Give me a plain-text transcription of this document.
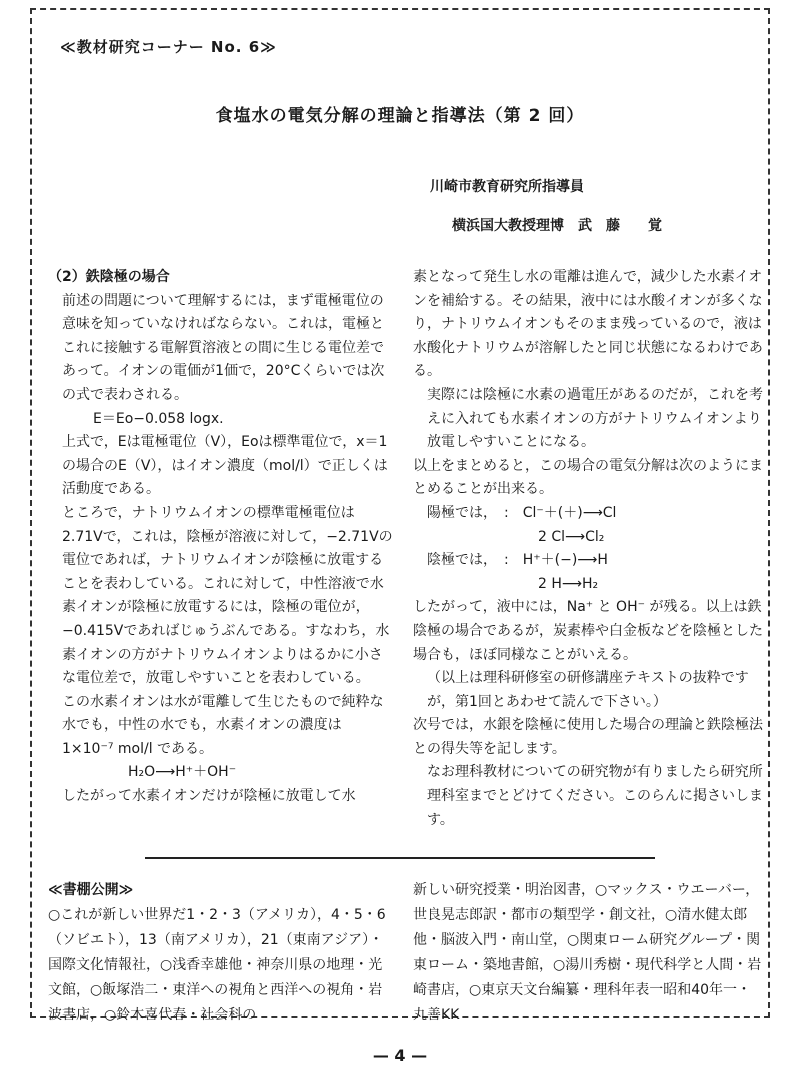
≪教材研究コーナー No. 6≫
食塩水の電気分解の理論と指導法（第 2 回）
川崎市教育研究所指導員
横浜国大教授理博　武　藤　　覚

（2）鉄陰極の場合

前述の問題について理解するには，まず電極電位の意味を知っていなければならない。これは，電極とこれに接触する電解質溶液との間に生じる電位差であって。イオンの電価が1価で，20°Cくらいでは次の式で表わされる。

E＝Eo−0.058 logx.

上式で，Eは電極電位（V），Eoは標準電位で，x＝1の場合のE（V），はイオン濃度（mol/l）で正しくは活動度である。

ところで，ナトリウムイオンの標準電極電位は2.71Vで，これは，陰極が溶液に対して，−2.71Vの電位であれば，ナトリウムイオンが陰極に放電することを表わしている。これに対して，中性溶液で水素イオンが陰極に放電するには，陰極の電位が，−0.415Vであればじゅうぶんである。すなわち，水素イオンの方がナトリウムイオンよりはるかに小さな電位差で，放電しやすいことを表わしている。

この水素イオンは水が電離して生じたもので純粋な水でも，中性の水でも，水素イオンの濃度は1×10⁻⁷ mol/l である。

H₂O⟶H⁺＋OH⁻

したがって水素イオンだけが陰極に放電して水

素となって発生し水の電離は進んで，減少した水素イオンを補給する。その結果，液中には水酸イオンが多くなり，ナトリウムイオンもそのまま残っているので，液は水酸化ナトリウムが溶解したと同じ状態になるわけである。

実際には陰極に水素の過電圧があるのだが，これを考えに入れても水素イオンの方がナトリウムイオンより放電しやすいことになる。

以上をまとめると，この場合の電気分解は次のようにまとめることが出来る。

陽極では，　:　Cl⁻＋(＋)⟶Cl

2 Cl⟶Cl₂

陰極では，　:　H⁺＋(−)⟶H

2 H⟶H₂

したがって，液中には，Na⁺ と OH⁻ が残る。以上は鉄陰極の場合であるが，炭素棒や白金板などを陰極とした場合も，ほぼ同様なことがいえる。

（以上は理科研修室の研修講座テキストの抜粋ですが，第1回とあわせて読んで下さい。）

次号では，水銀を陰極に使用した場合の理論と鉄陰極法との得失等を記します。

なお理科教材についての研究物が有りましたら研究所理科室までとどけてください。このらんに掲さいします。

≪書棚公開≫

○これが新しい世界だ1・2・3（アメリカ），4・5・6（ソビエト），13（南アメリカ），21（東南アジア）・国際文化情報社，○浅香幸雄他・神奈川県の地理・光文館，○飯塚浩二・東洋への視角と西洋への視角・岩波書店，○鈴木喜代春・社会科の

新しい研究授業・明治図書，○マックス・ウエーバー，世良晃志郎訳・都市の類型学・創文社，○清水健太郎他・脳波入門・南山堂，○関東ローム研究グループ・関東ローム・築地書館，○湯川秀樹・現代科学と人間・岩崎書店，○東京天文台編纂・理科年表一昭和40年一・丸善KK

— 4 —
